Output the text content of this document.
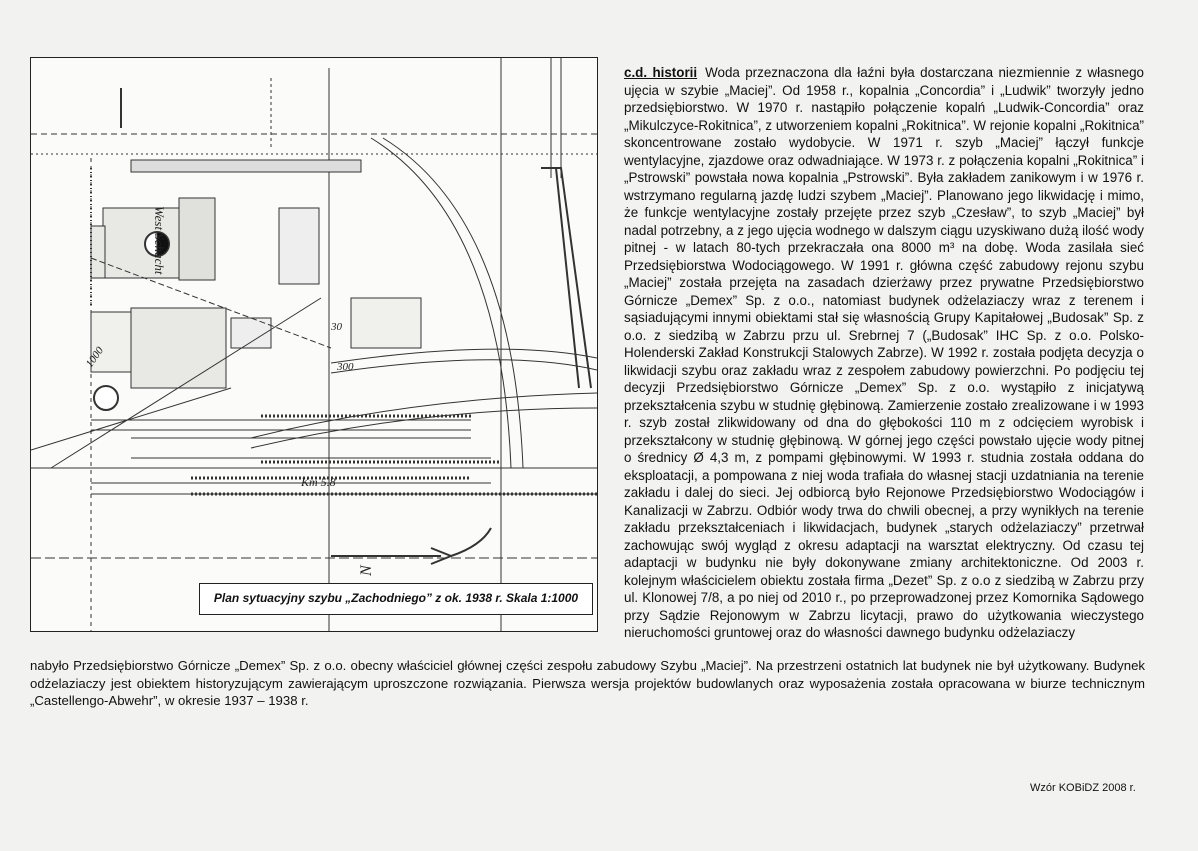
West Schacht
Km 5.8
30
300
1000
N
Plan sytuacyjny szybu „Zachodniego” z ok. 1938 r. Skala 1:1000
c.d. historii Woda przeznaczona dla łaźni była dostarczana niezmiennie z własnego ujęcia w szybie „Maciej”. Od 1958 r., kopalnia „Concordia” i „Ludwik” tworzyły jedno przedsiębiorstwo. W 1970 r. nastąpiło połączenie kopalń „Ludwik-Concordia” oraz „Mikulczyce-Rokitnica”, z utworzeniem kopalni „Rokitnica”. W rejonie kopalni „Rokitnica” skoncentrowane zostało wydobycie. W 1971 r. szyb „Maciej” łączył funkcje wentylacyjne, zjazdowe oraz odwadniające. W 1973 r. z połączenia kopalni „Rokitnica” i „Pstrowski” powstała nowa kopalnia „Pstrowski”. Była zakładem zanikowym i w 1976 r. wstrzymano regularną jazdę ludzi szybem „Maciej”. Planowano jego likwidację i mimo, że funkcje wentylacyjne zostały przejęte przez szyb „Czesław”, to szyb „Maciej” był nadal potrzebny, a z jego ujęcia wodnego w dalszym ciągu uzyskiwano dużą ilość wody pitnej - w latach 80-tych przekraczała ona 8000 m³ na dobę. Woda zasilała sieć Przedsiębiorstwa Wodociągowego. W 1991 r. główna część zabudowy rejonu szybu „Maciej” została przejęta na zasadach dzierżawy przez prywatne Przedsiębiorstwo Górnicze „Demex” Sp. z o.o., natomiast budynek odżelaziaczy wraz z terenem i sąsiadującymi innymi obiektami stał się własnością Grupy Kapitałowej „Budosak” Sp. z o.o. z siedzibą w Zabrzu przu ul. Srebrnej 7 („Budosak” IHC Sp. z o.o. Polsko-Holenderski Zakład Konstrukcji Stalowych Zabrze). W 1992 r. została podjęta decyzja o likwidacji szybu oraz zakładu wraz z zespołem zabudowy powierzchni. Po podjęciu tej decyzji Przedsiębiorstwo Górnicze „Demex” Sp. z o.o. wystąpiło z inicjatywą przekształcenia szybu w studnię głębinową. Zamierzenie zostało zrealizowane i w 1993 r. szyb został zlikwidowany od dna do głębokości 110 m z odcięciem wyrobisk i przekształcony w studnię głębinową. W górnej jego części powstało ujęcie wody pitnej o średnicy Ø 4,3 m, z pompami głębinowymi. W 1993 r. studnia została oddana do eksploatacji, a pompowana z niej woda trafiała do własnej stacji uzdatniania na terenie zakładu i dalej do sieci. Jej odbiorcą było Rejonowe Przedsiębiorstwo Wodociągów i Kanalizacji w Zabrzu. Odbiór wody trwa do chwili obecnej, a przy wynikłych na terenie zakładu przekształceniach i likwidacjach, budynek „starych odżelaziaczy” przetrwał zachowując swój wygląd z okresu adaptacji na warsztat elektryczny. Od czasu tej adaptacji w budynku nie były dokonywane zmiany architektoniczne. Od 2003 r. kolejnym właścicielem obiektu została firma „Dezet” Sp. z o.o z siedzibą w Zabrzu przy ul. Klonowej 7/8, a po niej od 2010 r., po przeprowadzonej przez Komornika Sądowego przy Sądzie Rejonowym w Zabrzu licytacji, prawo do użytkowania wieczystego nieruchomości gruntowej oraz do własności dawnego budynku odżelaziaczy
nabyło Przedsiębiorstwo Górnicze „Demex” Sp. z o.o. obecny właściciel głównej części zespołu zabudowy Szybu „Maciej”. Na przestrzeni ostatnich lat budynek nie był użytkowany. Budynek odżelaziaczy jest obiektem historyzującym zawierającym uproszczone rozwiązania. Pierwsza wersja projektów budowlanych oraz wyposażenia została opracowana w biurze technicznym „Castellengo-Abwehr”, w okresie 1937 – 1938 r.
Wzór KOBiDZ 2008 r.
